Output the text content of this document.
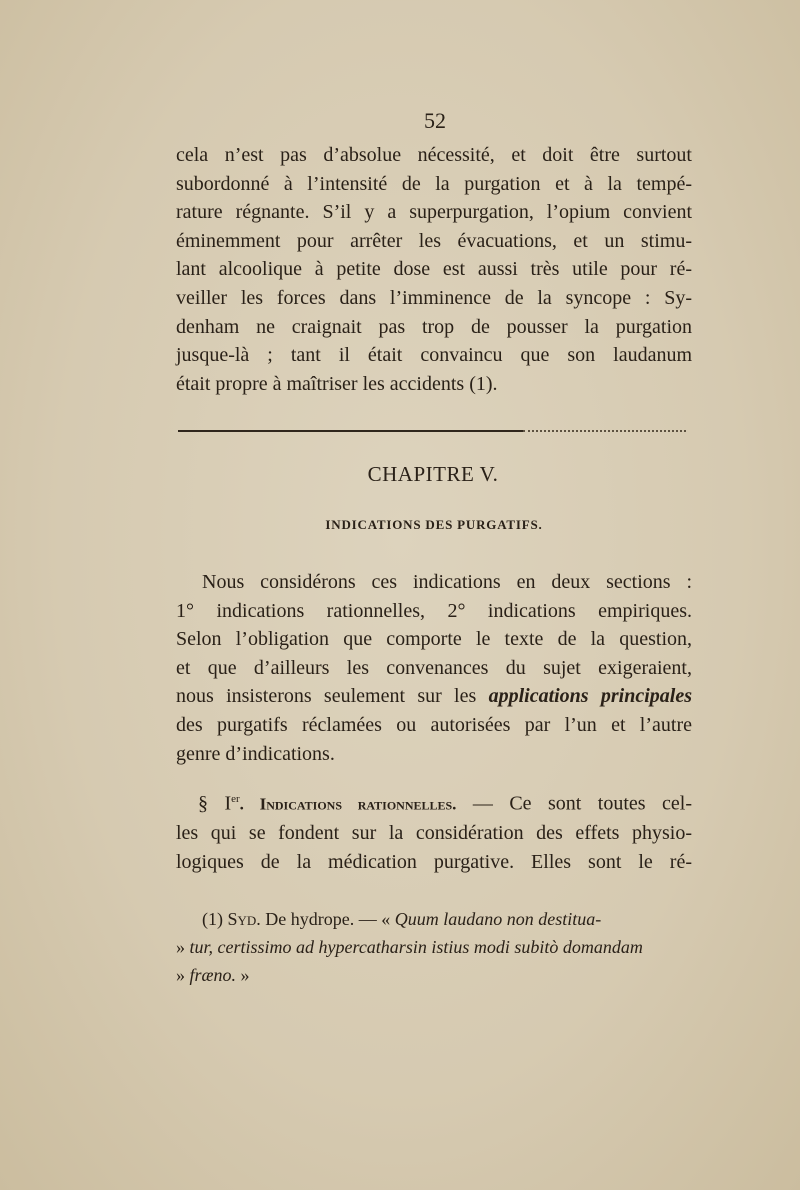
52

cela n’est pas d’absolue nécessité, et doit être surtout
subordonné à l’intensité de la purgation et à la tempé-
rature régnante. S’il y a superpurgation, l’opium convient
éminemment pour arrêter les évacuations, et un stimu-
lant alcoolique à petite dose est aussi très utile pour ré-
veiller les forces dans l’imminence de la syncope : Sy-
denham ne craignait pas trop de pousser la purgation
jusque-là ; tant il était convaincu que son laudanum
était propre à maîtriser les accidents (1).

CHAPITRE V.
INDICATIONS DES PURGATIFS.

Nous considérons ces indications en deux sections :
1° indications rationnelles, 2° indications empiriques.
Selon l’obligation que comporte le texte de la question,
et que d’ailleurs les convenances du sujet exigeraient,
nous insisterons seulement sur les applications principales
des purgatifs réclamées ou autorisées par l’un et l’autre
genre d’indications.

§ Ier. Indications rationnelles. — Ce sont toutes cel-
les qui se fondent sur la considération des effets physio-
logiques de la médication purgative. Elles sont le ré-

(1) Syd. De hydrope. — « Quum laudano non destitua-
» tur, certissimo ad hypercatharsin istius modi subitò domandam
» fræno. »
